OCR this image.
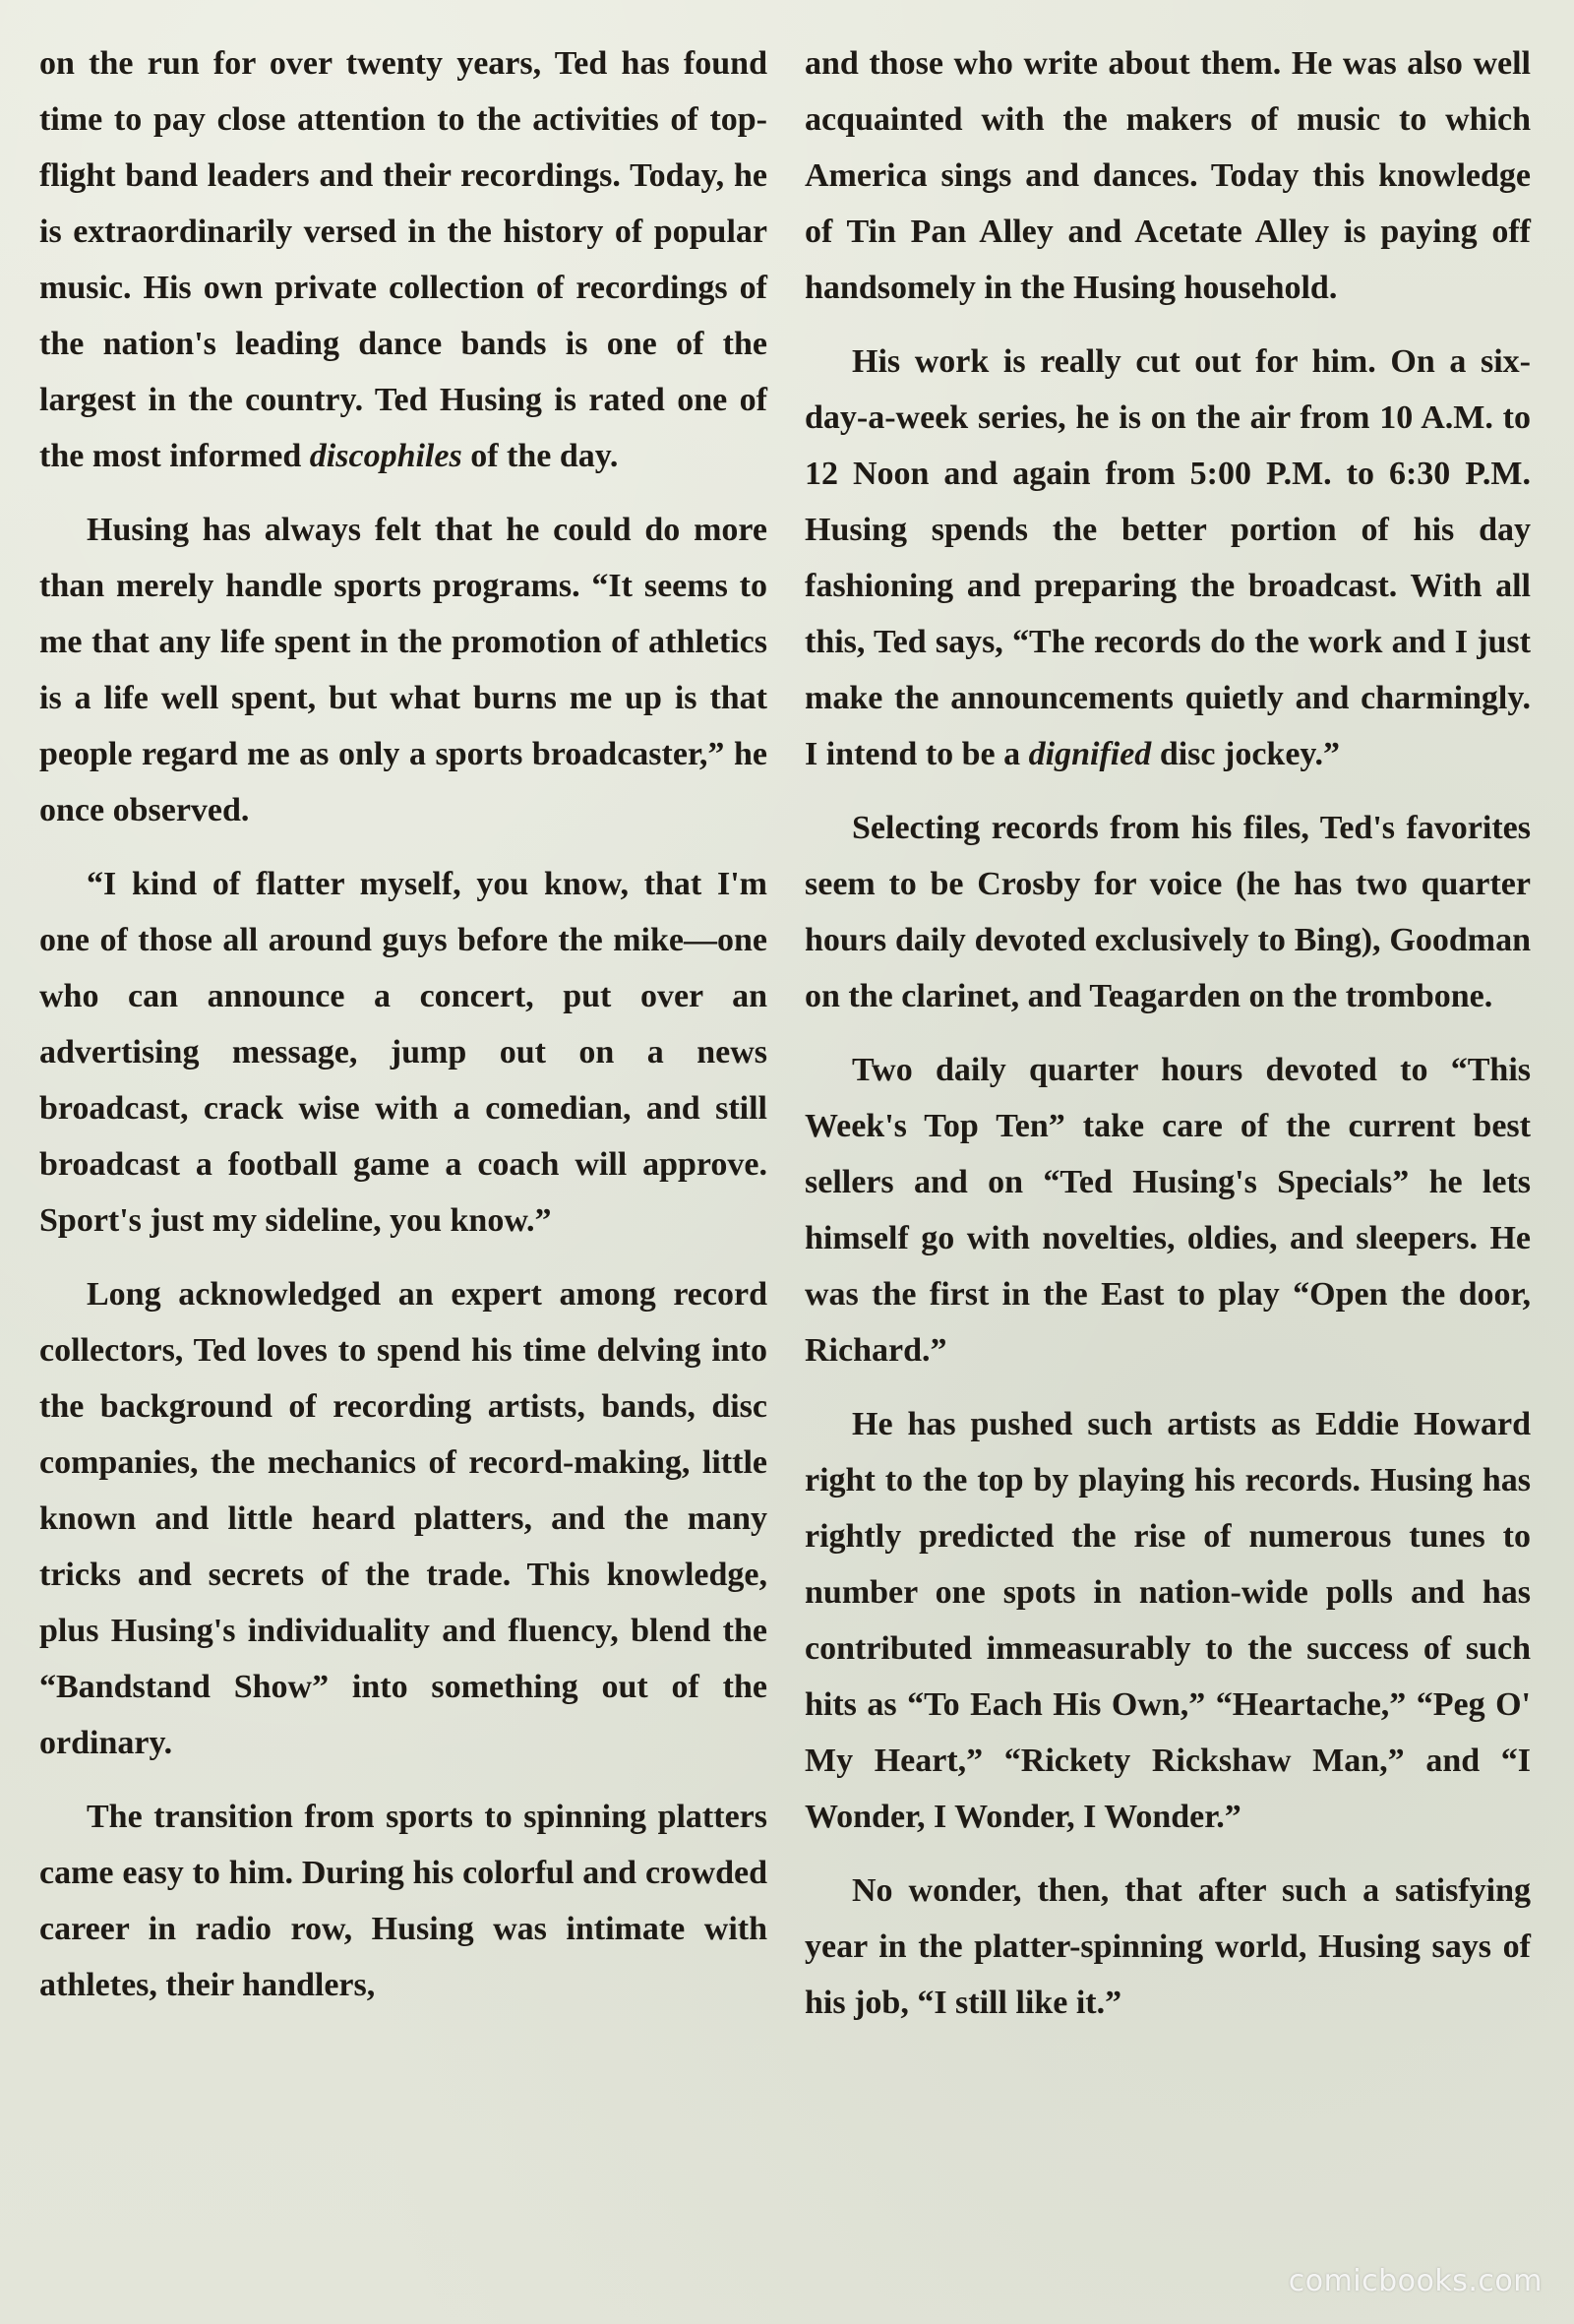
on the run for over twenty years, Ted has found time to pay close attention to the activities of top-flight band leaders and their recordings. Today, he is extraordinarily versed in the history of popular music. His own private collection of recordings of the nation's leading dance bands is one of the largest in the country. Ted Husing is rated one of the most informed discophiles of the day.

Husing has always felt that he could do more than merely handle sports programs. “It seems to me that any life spent in the promotion of athletics is a life well spent, but what burns me up is that people regard me as only a sports broadcaster,” he once observed.

“I kind of flatter myself, you know, that I'm one of those all around guys before the mike—one who can announce a concert, put over an advertising message, jump out on a news broadcast, crack wise with a comedian, and still broadcast a football game a coach will approve. Sport's just my sideline, you know.”

Long acknowledged an expert among record collectors, Ted loves to spend his time delving into the background of recording artists, bands, disc companies, the mechanics of record-making, little known and little heard platters, and the many tricks and secrets of the trade. This knowledge, plus Husing's individuality and fluency, blend the “Bandstand Show” into something out of the ordinary.

The transition from sports to spinning platters came easy to him. During his colorful and crowded career in radio row, Husing was intimate with athletes, their handlers,

and those who write about them. He was also well acquainted with the makers of music to which America sings and dances. Today this knowledge of Tin Pan Alley and Acetate Alley is paying off handsomely in the Husing household.

His work is really cut out for him. On a six-day-a-week series, he is on the air from 10 A.M. to 12 Noon and again from 5:00 P.M. to 6:30 P.M. Husing spends the better portion of his day fashioning and preparing the broadcast. With all this, Ted says, “The records do the work and I just make the announcements quietly and charmingly. I intend to be a dignified disc jockey.”

Selecting records from his files, Ted's favorites seem to be Crosby for voice (he has two quarter hours daily devoted exclusively to Bing), Goodman on the clarinet, and Teagarden on the trombone.

Two daily quarter hours devoted to “This Week's Top Ten” take care of the current best sellers and on “Ted Husing's Specials” he lets himself go with novelties, oldies, and sleepers. He was the first in the East to play “Open the door, Richard.”

He has pushed such artists as Eddie Howard right to the top by playing his records. Husing has rightly predicted the rise of numerous tunes to number one spots in nation-wide polls and has contributed immeasurably to the success of such hits as “To Each His Own,” “Heartache,” “Peg O' My Heart,” “Rickety Rickshaw Man,” and “I Wonder, I Wonder, I Wonder.”

No wonder, then, that after such a satisfying year in the platter-spinning world, Husing says of his job, “I still like it.”

comicbooks.com
